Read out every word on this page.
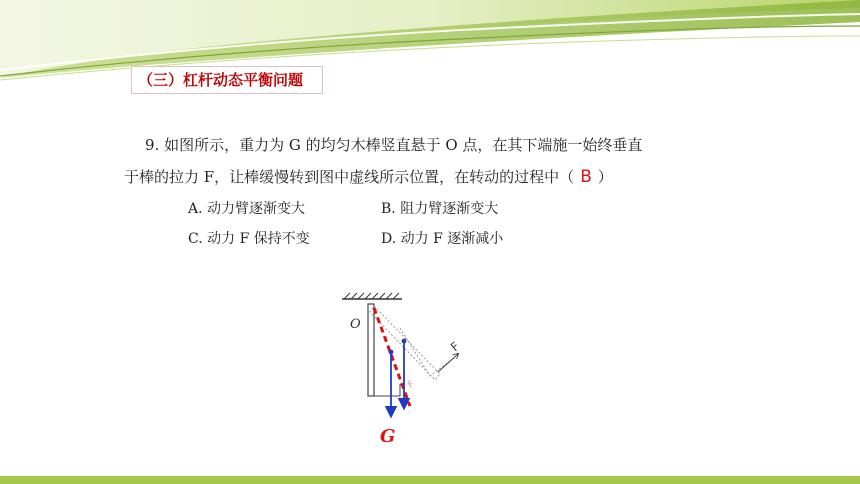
（三）杠杆动态平衡问题
9. 如图所示，重力为 G 的均匀木棒竖直悬于 O 点，在其下端施一始终垂直
于棒的拉力 F，让棒缓慢转到图中虚线所示位置，在转动的过程中（ B ）
A. 动力臂逐渐变大	B. 阻力臂逐渐变大
C. 动力 F 保持不变	D. 动力 F 逐渐减小
O
F
F
G
